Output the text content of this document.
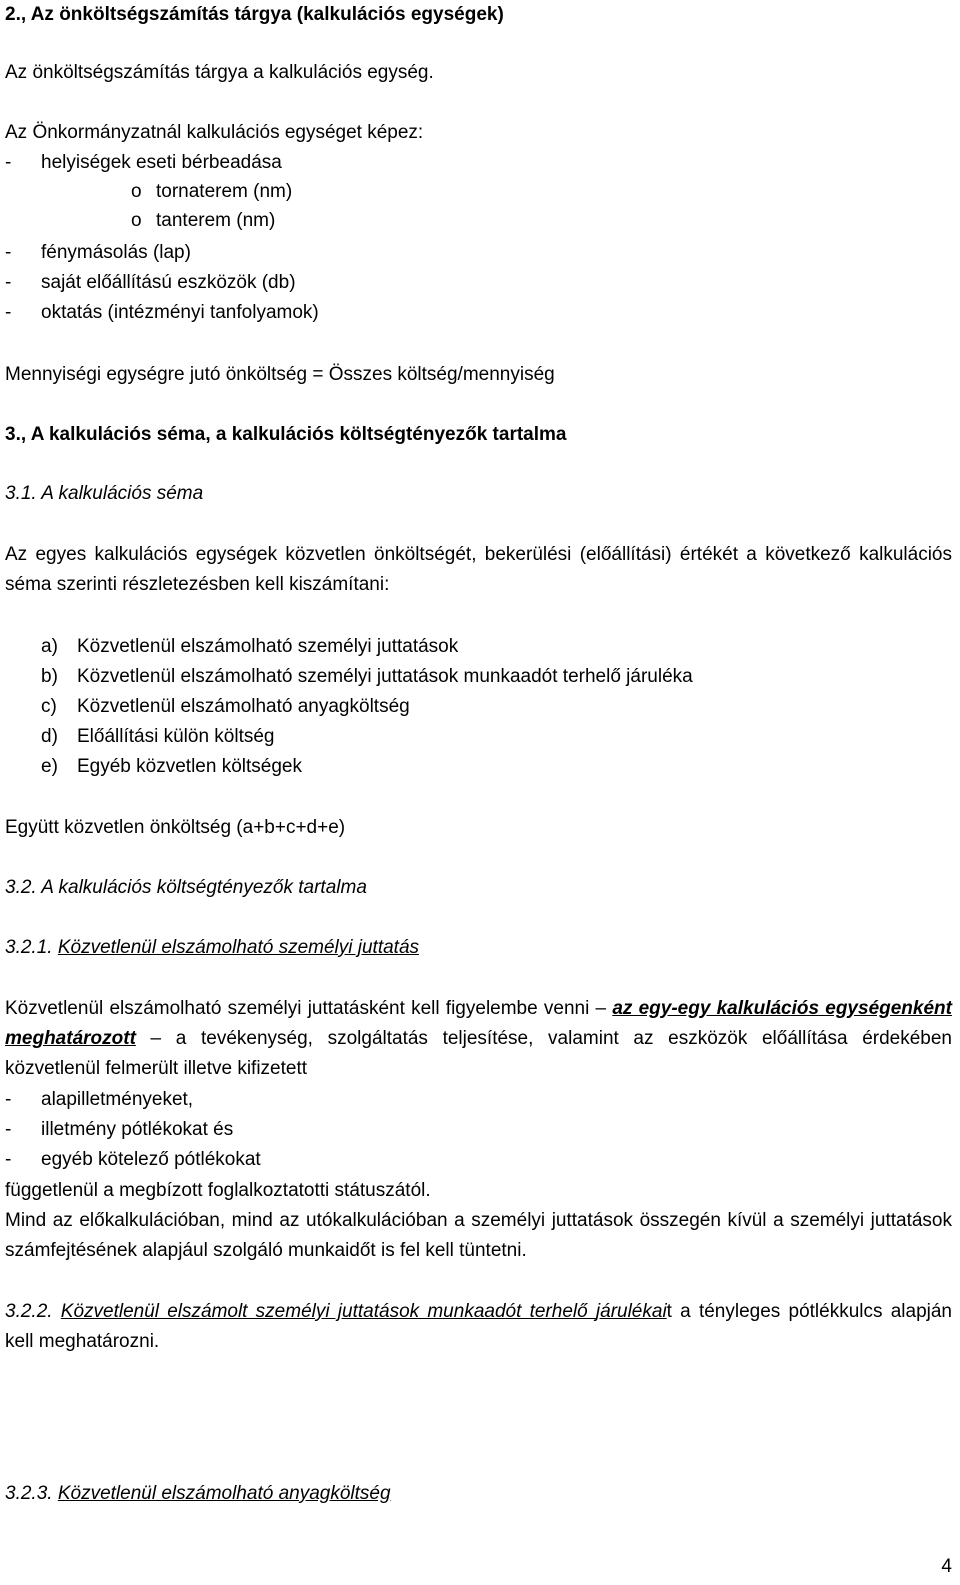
2., Az önköltségszámítás tárgya (kalkulációs egységek)

Az önköltségszámítás tárgya a kalkulációs egység.

Az Önkormányzatnál kalkulációs egységet képez:

- helyiségek eseti bérbeadása
o tornaterem (nm)
o tanterem (nm)
- fénymásolás (lap)
- saját előállítású eszközök (db)
- oktatás (intézményi tanfolyamok)

Mennyiségi egységre jutó önköltség = Összes költség/mennyiség

3., A kalkulációs séma, a kalkulációs költségtényezők tartalma

3.1. A kalkulációs séma

Az egyes kalkulációs egységek közvetlen önköltségét, bekerülési (előállítási) értékét a következő kalkulációs séma szerinti részletezésben kell kiszámítani:

a) Közvetlenül elszámolható személyi juttatások
b) Közvetlenül elszámolható személyi juttatások munkaadót terhelő járuléka
c) Közvetlenül elszámolható anyagköltség
d) Előállítási külön költség
e) Egyéb közvetlen költségek

Együtt közvetlen önköltség (a+b+c+d+e)

3.2. A kalkulációs költségtényezők tartalma

3.2.1. Közvetlenül elszámolható személyi juttatás

Közvetlenül elszámolható személyi juttatásként kell figyelembe venni – az egy-egy kalkulációs egységenként meghatározott – a tevékenység, szolgáltatás teljesítése, valamint az eszközök előállítása érdekében közvetlenül felmerült illetve kifizetett

- alapilletményeket,
- illetmény pótlékokat és
- egyéb kötelező pótlékokat

függetlenül a megbízott foglalkoztatotti státuszától.

Mind az előkalkulációban, mind az utókalkulációban a személyi juttatások összegén kívül a személyi juttatások számfejtésének alapjául szolgáló munkaidőt is fel kell tüntetni.

3.2.2. Közvetlenül elszámolt személyi juttatások munkaadót terhelő járulékait a tényleges pótlékkulcs alapján kell meghatározni.

3.2.3. Közvetlenül elszámolható anyagköltség

4
